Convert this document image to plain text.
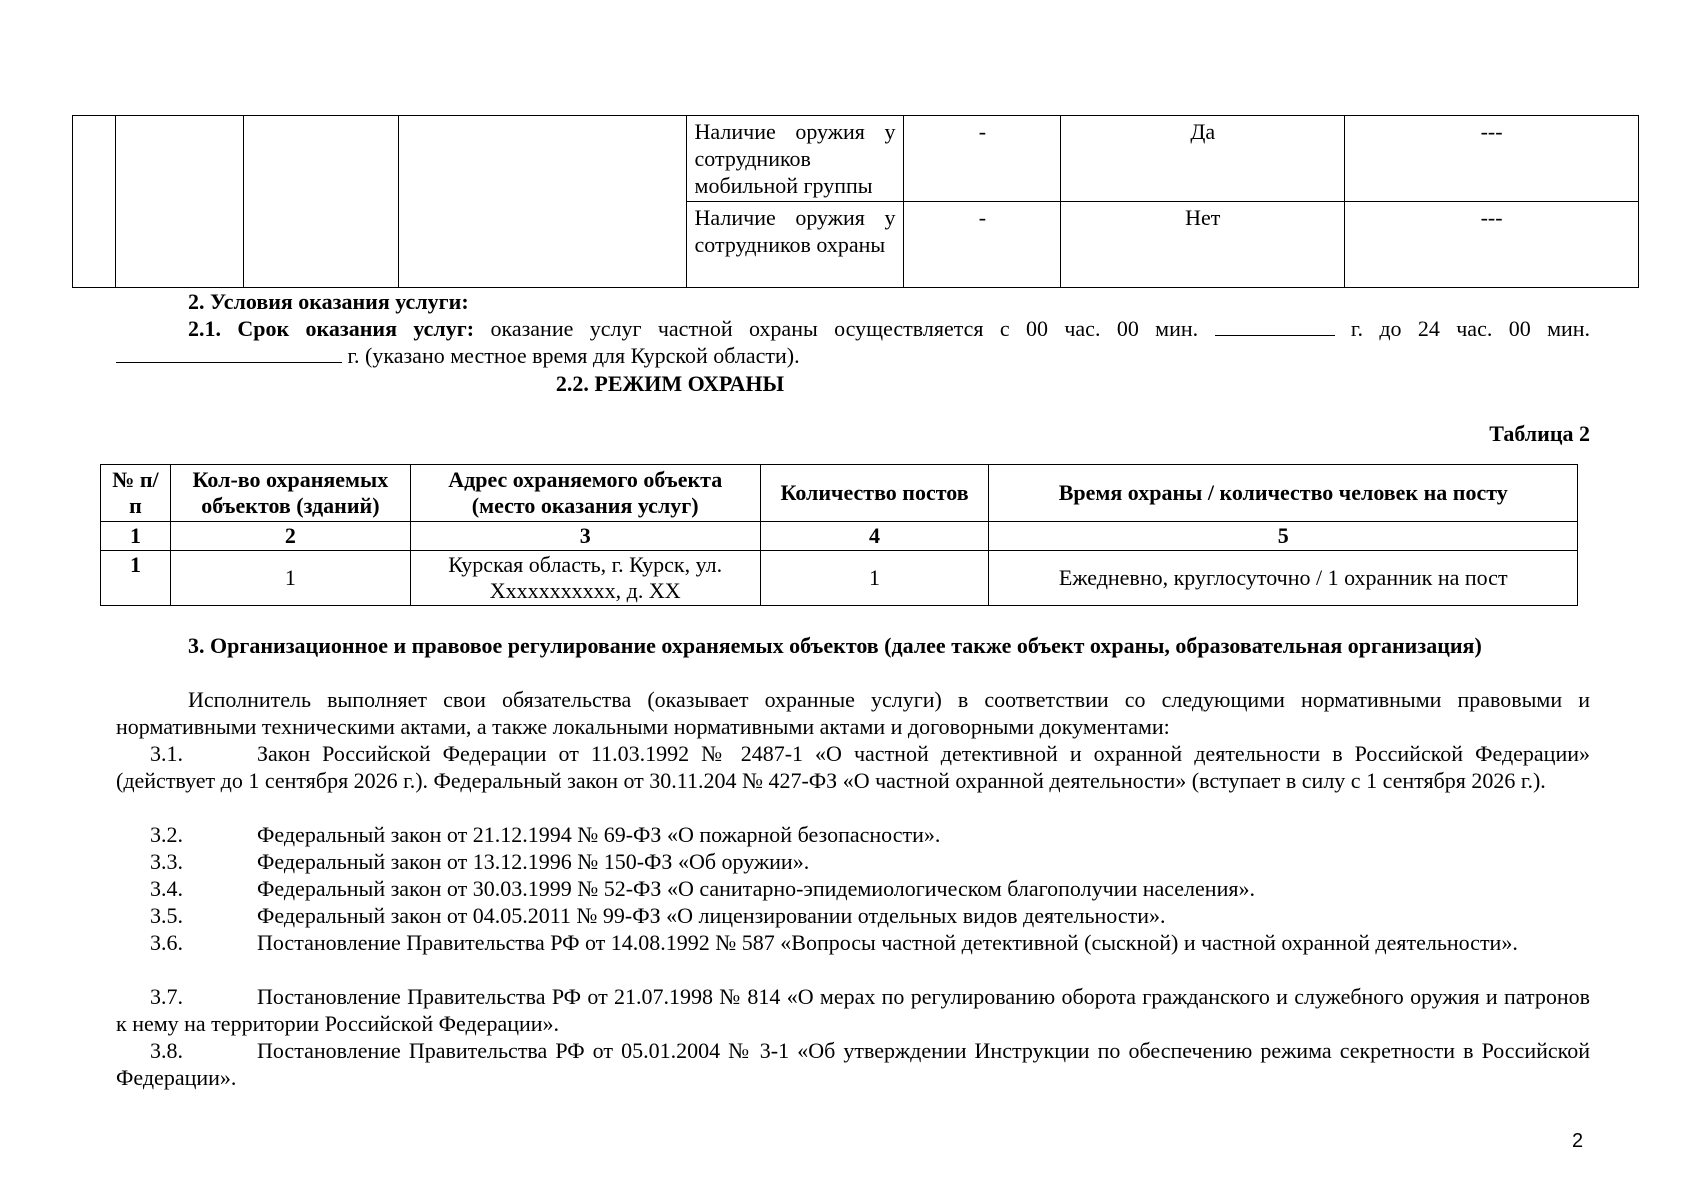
				Наличие оружия у сотрудников мобильной группы	-	Да	---
				Наличие оружия у сотрудников охраны	-	Нет	---
2. Условия оказания услуги:
2.1. Срок оказания услуг: оказание услуг частной охраны осуществляется с 00 час. 00 мин.	г. до 24 час. 00 мин.
г. (указано местное время для Курской области).
2.2. РЕЖИМ ОХРАНЫ
Таблица 2
№ п/п	Кол-во охраняемых объектов (зданий)	Адрес охраняемого объекта (место оказания услуг)	Количество постов	Время охраны / количество человек на посту
1	2	3	4	5
1	1	Курская область, г. Курск, ул. Xxxxxxxxxxx, д. XX	1	Ежедневно, круглосуточно / 1 охранник на пост
3. Организационное и правовое регулирование охраняемых объектов (далее также объект охраны, образовательная организация)
Исполнитель выполняет свои обязательства (оказывает охранные услуги) в соответствии со следующими нормативными правовыми и нормативными техническими актами, а также локальными нормативными актами и договорными документами:
3.1.	Закон Российской Федерации от 11.03.1992 № 2487-1 «О частной детективной и охранной деятельности в Российской Федерации» (действует до 1 сентября 2026 г.). Федеральный закон от 30.11.204 № 427-ФЗ «О частной охранной деятельности» (вступает в силу с 1 сентября 2026 г.).
3.2.	Федеральный закон от 21.12.1994 № 69-ФЗ «О пожарной безопасности».
3.3.	Федеральный закон от 13.12.1996 № 150-ФЗ «Об оружии».
3.4.	Федеральный закон от 30.03.1999 № 52-ФЗ «О санитарно-эпидемиологическом благополучии населения».
3.5.	Федеральный закон от 04.05.2011 № 99-ФЗ «О лицензировании отдельных видов деятельности».
3.6.	Постановление Правительства РФ от 14.08.1992 № 587 «Вопросы частной детективной (сыскной) и частной охранной деятельности».
3.7.	Постановление Правительства РФ от 21.07.1998 № 814 «О мерах по регулированию оборота гражданского и служебного оружия и патронов к нему на территории Российской Федерации».
3.8.	Постановление Правительства РФ от 05.01.2004 № 3-1 «Об утверждении Инструкции по обеспечению режима секретности в Российской Федерации».
2
